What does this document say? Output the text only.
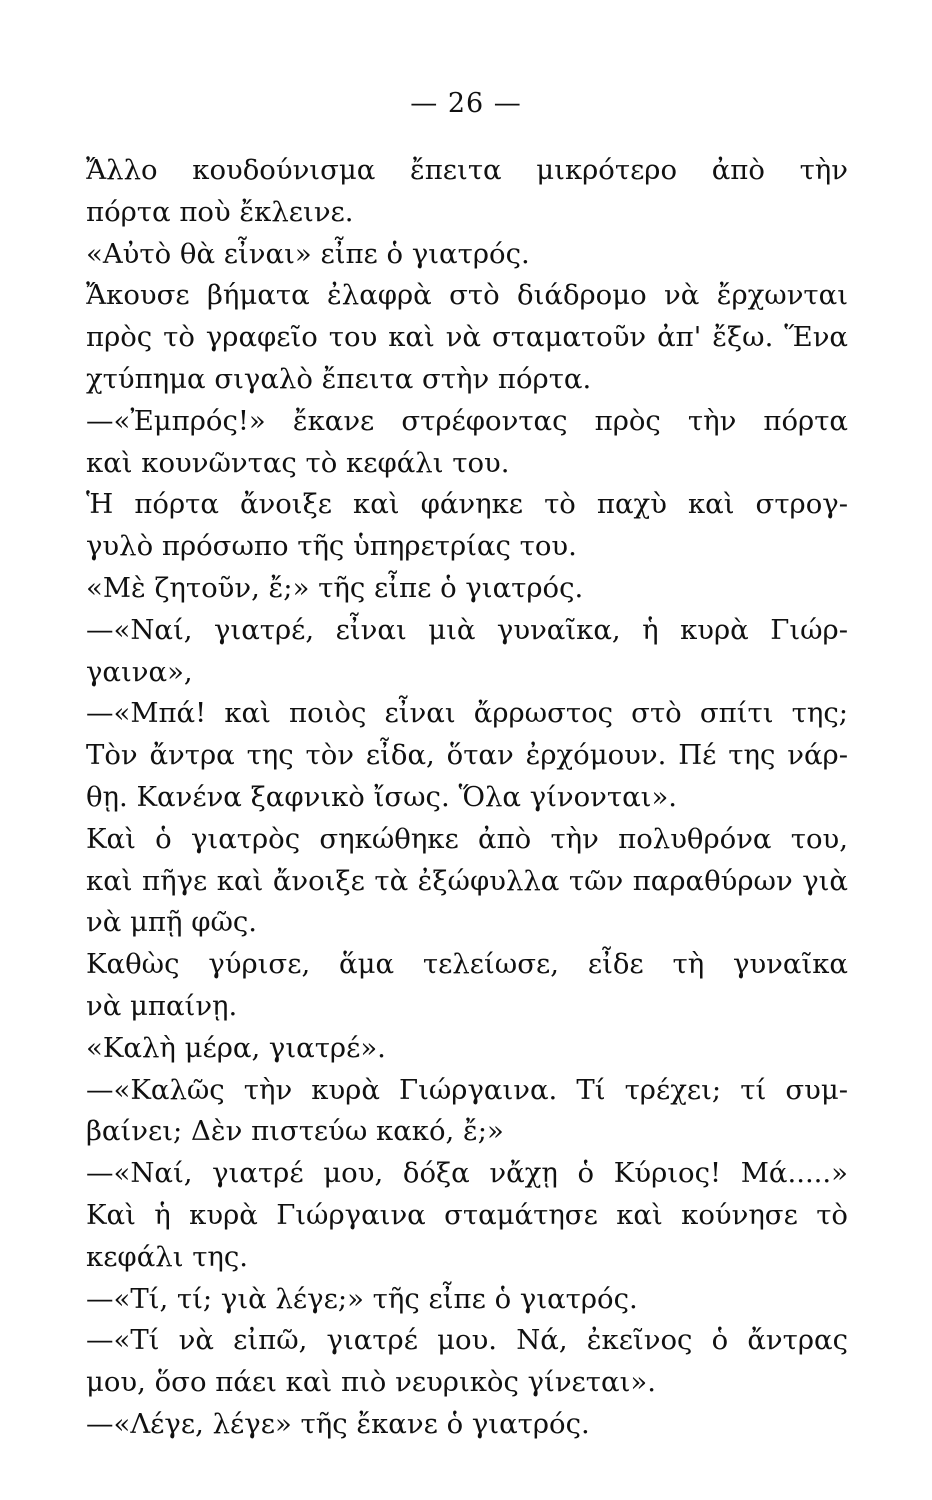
— 26 —
Ἄλλο κουδούνισμα ἔπειτα μικρότερο ἀπὸ τὴν
πόρτα ποὺ ἔκλεινε.
«Αὐτὸ θὰ εἶναι» εἶπε ὁ γιατρός.
Ἄκουσε βήματα ἐλαφρὰ στὸ διάδρομο νὰ ἔρχωνται
πρὸς τὸ γραφεῖο του καὶ νὰ σταματοῦν ἀπ' ἔξω. Ἕνα
χτύπημα σιγαλὸ ἔπειτα στὴν πόρτα.
—«Ἐμπρός!» ἔκανε στρέφοντας πρὸς τὴν πόρτα
καὶ κουνῶντας τὸ κεφάλι του.
Ἡ πόρτα ἄνοιξε καὶ φάνηκε τὸ παχὺ καὶ στρογ-
γυλὸ πρόσωπο τῆς ὑπηρετρίας του.
«Μὲ ζητοῦν, ἔ;» τῆς εἶπε ὁ γιατρός.
—«Ναί, γιατρέ, εἶναι μιὰ γυναῖκα, ἡ κυρὰ Γιώρ-
γαινα»,
—«Μπά! καὶ ποιὸς εἶναι ἄρρωστος στὸ σπίτι της;
Τὸν ἄντρα της τὸν εἶδα, ὅταν ἐρχόμουν. Πέ της νάρ-
θῃ. Κανένα ξαφνικὸ ἴσως. Ὅλα γίνονται».
Καὶ ὁ γιατρὸς σηκώθηκε ἀπὸ τὴν πολυθρόνα του,
καὶ πῆγε καὶ ἄνοιξε τὰ ἐξώφυλλα τῶν παραθύρων γιὰ
νὰ μπῇ φῶς.
Καθὼς γύρισε, ἅμα τελείωσε, εἶδε τὴ γυναῖκα
νὰ μπαίνῃ.
«Καλὴ μέρα, γιατρέ».
—«Καλῶς τὴν κυρὰ Γιώργαινα. Τί τρέχει; τί συμ-
βαίνει; Δὲν πιστεύω κακό, ἔ;»
—«Ναί, γιατρέ μου, δόξα νἄχῃ ὁ Κύριος! Μά.....»
Καὶ ἡ κυρὰ Γιώργαινα σταμάτησε καὶ κούνησε τὸ
κεφάλι της.
—«Τί, τί; γιὰ λέγε;» τῆς εἶπε ὁ γιατρός.
—«Τί νὰ εἰπῶ, γιατρέ μου. Νά, ἐκεῖνος ὁ ἄντρας
μου, ὅσο πάει καὶ πιὸ νευρικὸς γίνεται».
—«Λέγε, λέγε» τῆς ἔκανε ὁ γιατρός.
